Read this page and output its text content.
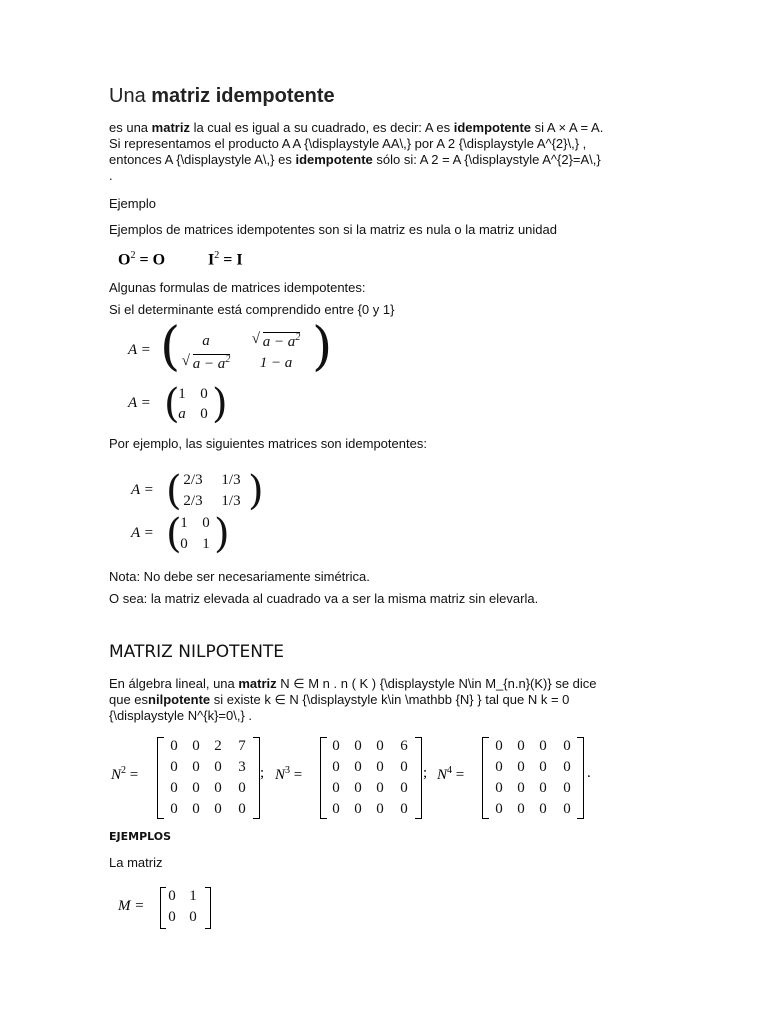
Una matriz idempotente
es una matriz la cual es igual a su cuadrado, es decir: A es idempotente si A × A = A.
Si representamos el producto A A {\displaystyle AA\,} por A 2 {\displaystyle A^{2}\,} ,
entonces A {\displaystyle A\,} es idempotente sólo si: A 2 = A {\displaystyle A^{2}=A\,}
.
Ejemplo
Ejemplos de matrices idempotentes son si la matriz es nula o la matriz unidad
$O^2 = O$	$I^2 = I$
Algunas formulas de matrices idempotentes:
Si el determinante está comprendido entre {0 y 1}
A = ( a	√ $a - a^2$
√ $a - a^2$	1 − a )
A = (
1	0
a	0 )
Por ejemplo, las siguientes matrices son idempotentes:
A = ( 2/3	1/3
2/3	1/3 )
A = (
1	0
0	1 )
Nota: No debe ser necesariamente simétrica.
O sea: la matriz elevada al cuadrado va a ser la misma matriz sin elevarla.
MATRIZ NILPOTENTE
En álgebra lineal, una matriz N ∈ M n . n ( K ) {\displaystyle N\in M_{n.n}(K)} se dice
que esnilpotente si existe k ∈ N {\displaystyle k\in \mathbb {N} } tal que N k = 0
{\displaystyle N^{k}=0\,} .
$N^2$ =
0	0	2	7
0	0	0	3
0	0	0	0
0	0	0	0
; $N^3$ =
0	0	0	6
0	0	0	0
0	0	0	0
0	0	0	0
; $N^4$ =
0	0	0	0
0	0	0	0
0	0	0	0
0	0	0	0
.
EJEMPLOS
La matriz
M =
0	1
0	0
